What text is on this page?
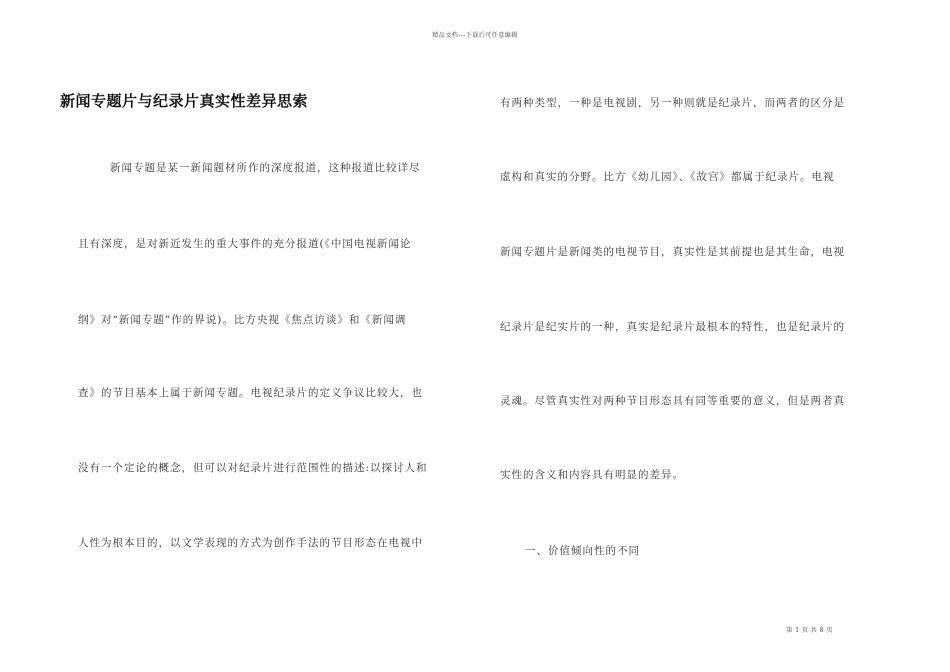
精品文档---下载后可任意编辑
新闻专题片与纪录片真实性差异思索
新闻专题是某一新闻题材所作的深度报道，这种报道比较详尽
且有深度，是对新近发生的重大事件的充分报道(《中国电视新闻论
纲》对“新闻专题”作的界说)。比方央视《焦点访谈》和《新闻调
查》的节目基本上属于新闻专题。电视纪录片的定义争议比较大，也
没有一个定论的概念，但可以对纪录片进行范围性的描述:以探讨人和
人性为根本目的，以文学表现的方式为创作手法的节目形态在电视中
有两种类型，一种是电视剧，另一种则就是纪录片，而两者的区分是
虚构和真实的分野。比方《幼儿园》、《故宫》都属于纪录片。电视
新闻专题片是新闻类的电视节目，真实性是其前提也是其生命，电视
纪录片是纪实片的一种，真实是纪录片最根本的特性，也是纪录片的
灵魂。尽管真实性对两种节目形态具有同等重要的意义，但是两者真
实性的含义和内容具有明显的差异。
一、价值倾向性的不同
第 1 页 共 8 页
